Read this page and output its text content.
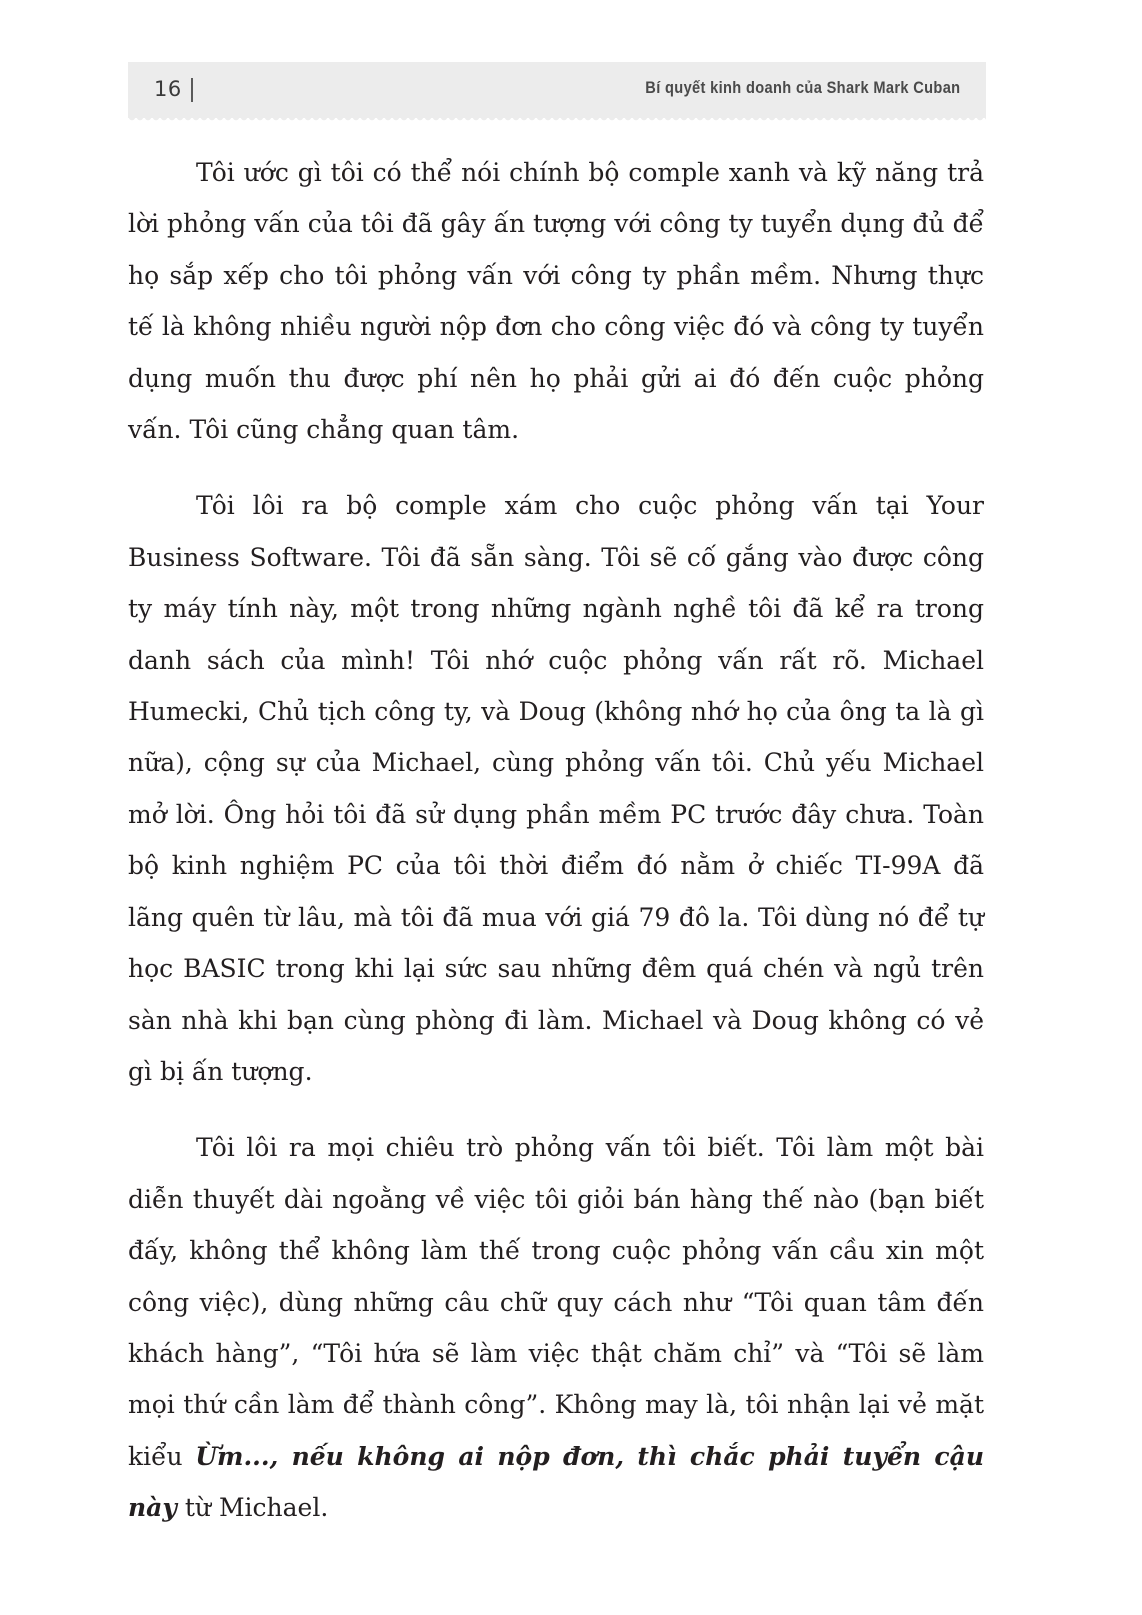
16	Bí quyết kinh doanh của Shark Mark Cuban

Tôi ước gì tôi có thể nói chính bộ comple xanh và kỹ năng trả lời phỏng vấn của tôi đã gây ấn tượng với công ty tuyển dụng đủ để họ sắp xếp cho tôi phỏng vấn với công ty phần mềm. Nhưng thực tế là không nhiều người nộp đơn cho công việc đó và công ty tuyển dụng muốn thu được phí nên họ phải gửi ai đó đến cuộc phỏng vấn. Tôi cũng chẳng quan tâm.

Tôi lôi ra bộ comple xám cho cuộc phỏng vấn tại Your Business Software. Tôi đã sẵn sàng. Tôi sẽ cố gắng vào được công ty máy tính này, một trong những ngành nghề tôi đã kể ra trong danh sách của mình! Tôi nhớ cuộc phỏng vấn rất rõ. Michael Humecki, Chủ tịch công ty, và Doug (không nhớ họ của ông ta là gì nữa), cộng sự của Michael, cùng phỏng vấn tôi. Chủ yếu Michael mở lời. Ông hỏi tôi đã sử dụng phần mềm PC trước đây chưa. Toàn bộ kinh nghiệm PC của tôi thời điểm đó nằm ở chiếc TI-99A đã lãng quên từ lâu, mà tôi đã mua với giá 79 đô la. Tôi dùng nó để tự học BASIC trong khi lại sức sau những đêm quá chén và ngủ trên sàn nhà khi bạn cùng phòng đi làm. Michael và Doug không có vẻ gì bị ấn tượng.

Tôi lôi ra mọi chiêu trò phỏng vấn tôi biết. Tôi làm một bài diễn thuyết dài ngoằng về việc tôi giỏi bán hàng thế nào (bạn biết đấy, không thể không làm thế trong cuộc phỏng vấn cầu xin một công việc), dùng những câu chữ quy cách như “Tôi quan tâm đến khách hàng”, “Tôi hứa sẽ làm việc thật chăm chỉ” và “Tôi sẽ làm mọi thứ cần làm để thành công”. Không may là, tôi nhận lại vẻ mặt kiểu Ừm..., nếu không ai nộp đơn, thì chắc phải tuyển cậu này từ Michael.
